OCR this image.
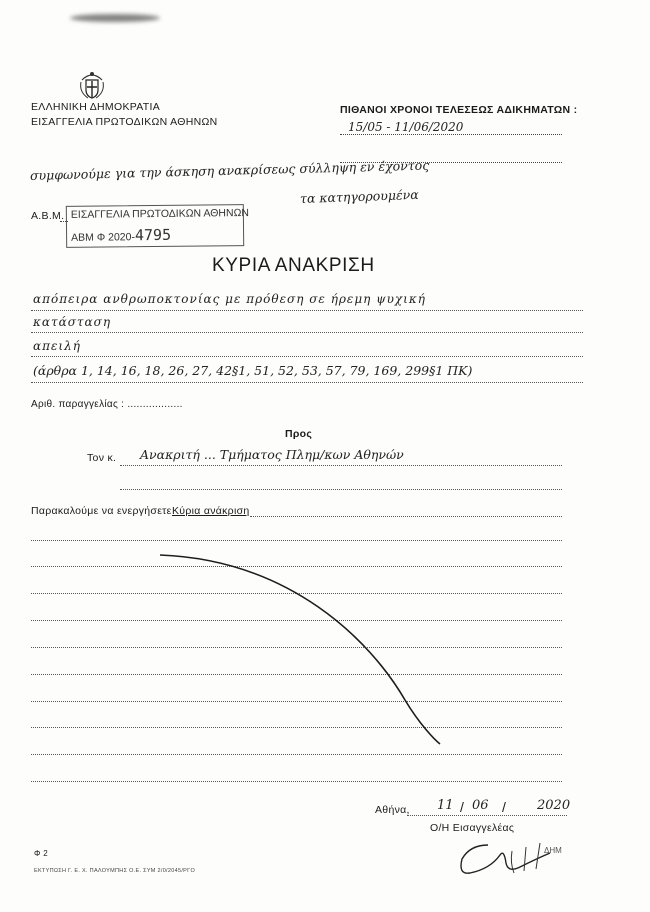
ΕΛΛΗΝΙΚΗ ΔΗΜΟΚΡΑΤΙΑ
ΕΙΣΑΓΓΕΛΙΑ ΠΡΩΤΟΔΙΚΩΝ ΑΘΗΝΩΝ
ΠΙΘΑΝΟΙ ΧΡΟΝΟΙ ΤΕΛΕΣΕΩΣ ΑΔΙΚΗΜΑΤΩΝ :
15/05 - 11/06/2020
συμφωνούμε για την άσκηση ανακρίσεως σύλληψη εν έχοντος
τα κατηγορουμένα
Α.Β.Μ. ΕΙΣΑΓΓΕΛΙΑ ΠΡΩΤΟΔΙΚΩΝ ΑΘΗΝΩΝ
ΑΒΜ Φ 2020-4795
ΚΥΡΙΑ ΑΝΑΚΡΙΣΗ
απόπειρα ανθρωποκτονίας με πρόθεση σε ήρεμη ψυχική
κατάσταση
απειλή
(άρθρα 1, 14, 16, 18, 26, 27, 42§1, 51, 52, 53, 57, 79, 169, 299§1 ΠΚ)
Αριθ. παραγγελίας : ..................
Προς
Τον κ. Ανακριτή ... Τμήματος Πλημ/κων Αθηνών
Παρακαλούμε να ενεργήσετε Κύρια ανάκριση
Αθήνα, 11 06
/	/ 2020
Ο/Η Εισαγγελέας
ΔΗΜ
Φ 2
ΕΚΤΥΠΩΣΗ Γ. Ε. Χ. ΠΑΛΟΥΜΠΗΣ Ο.Ε. ΣΥΜ 2/0/2045/ΡΓΟ
